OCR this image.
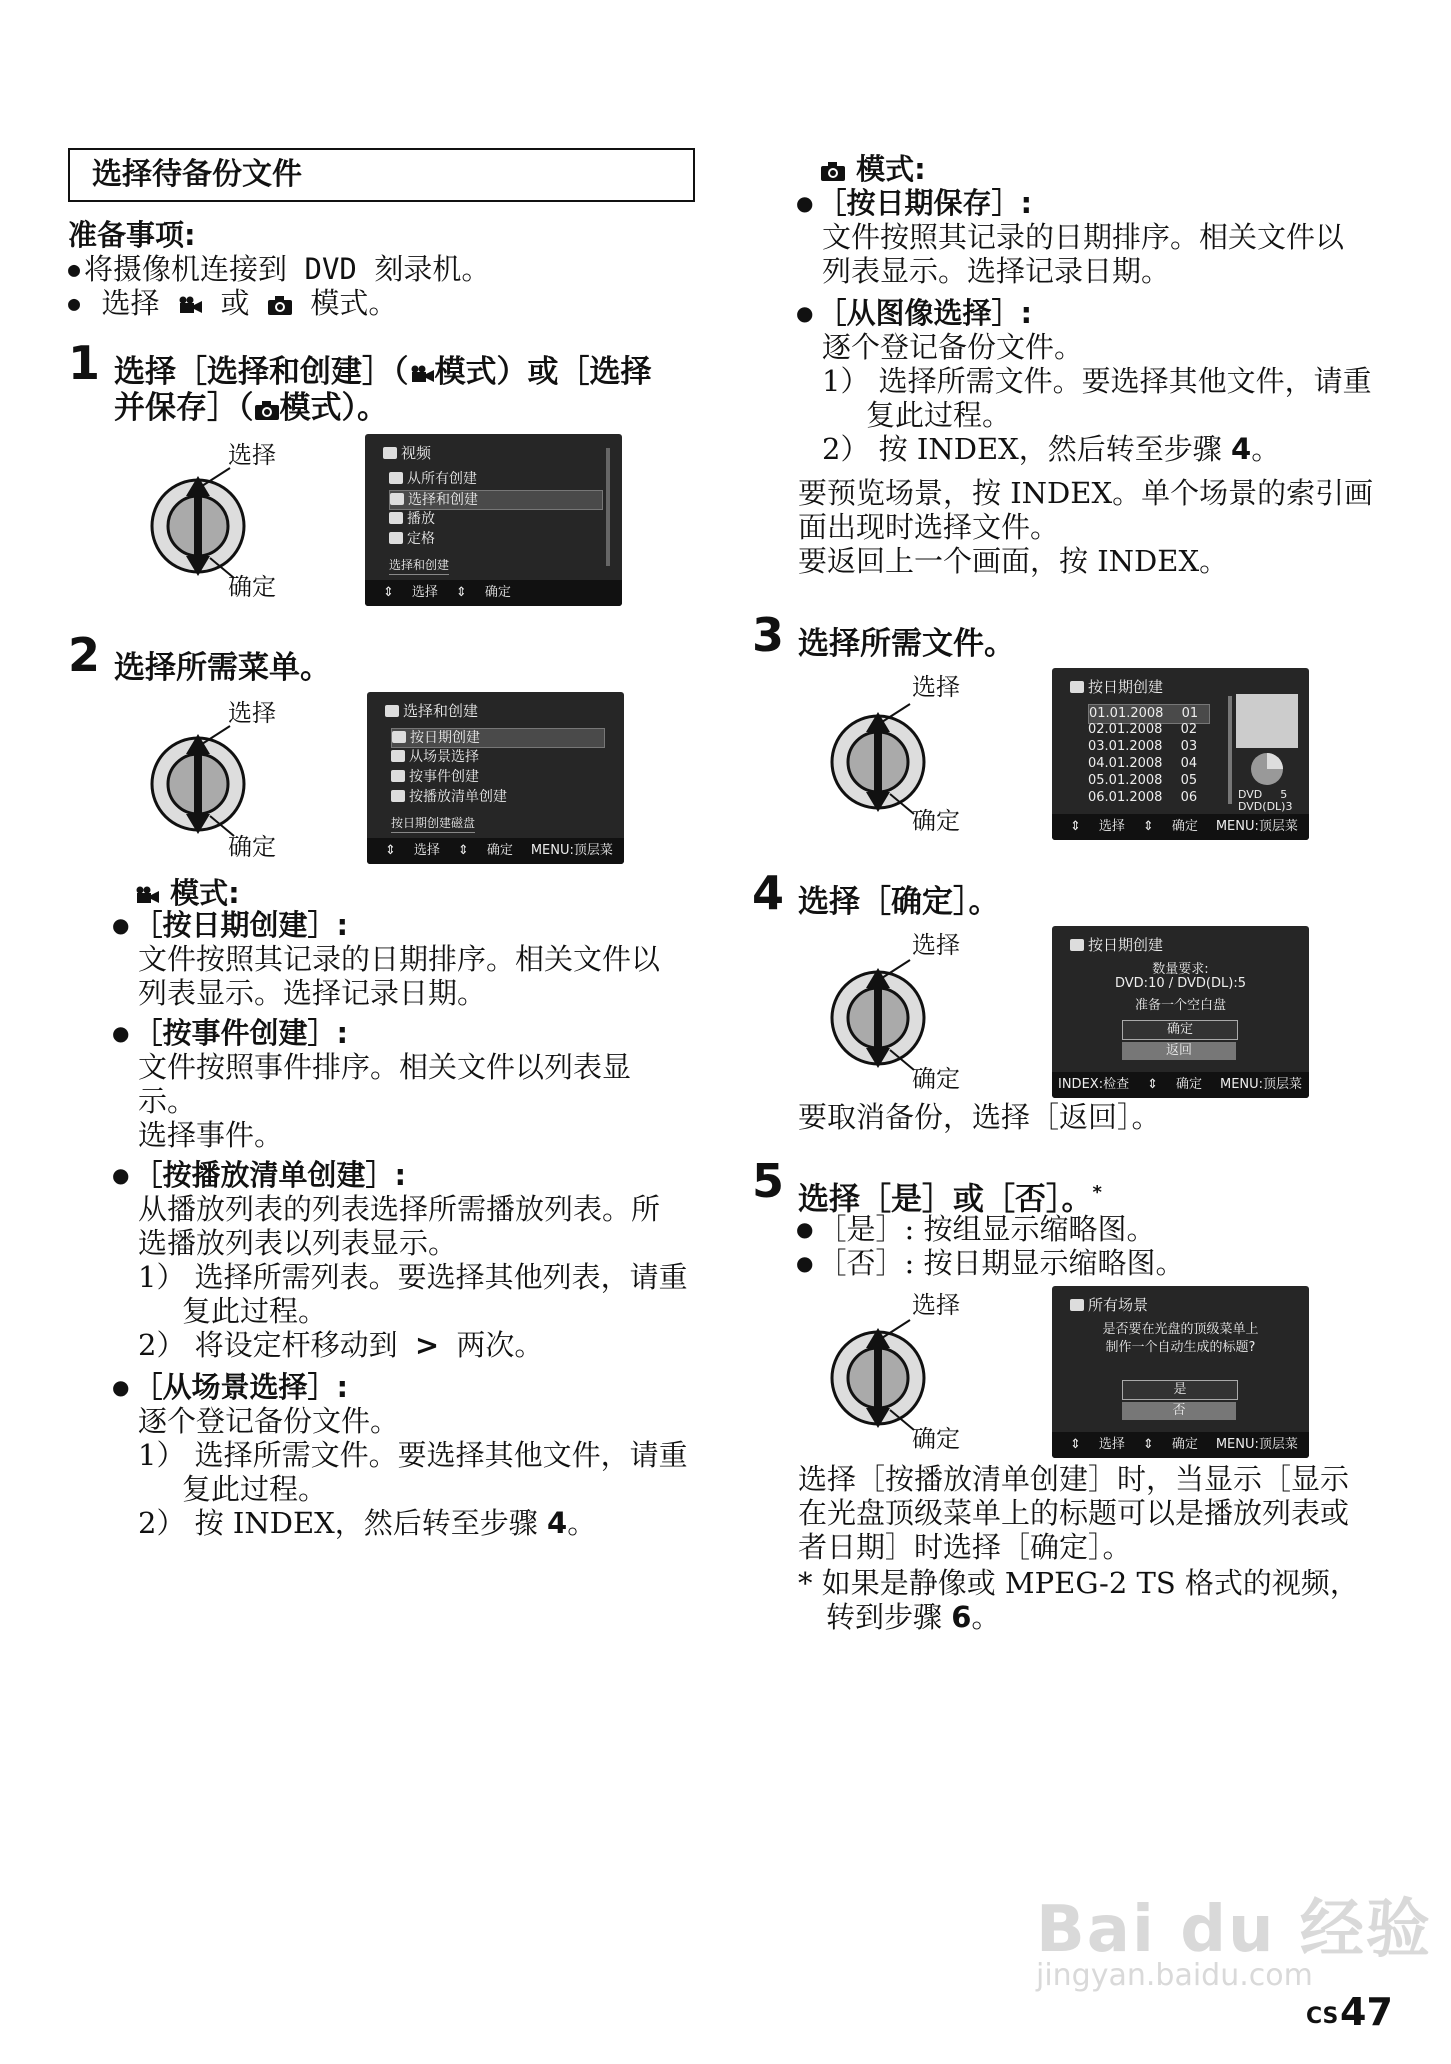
选择待备份文件
准备事项:
● 将摄像机连接到 DVD 刻录机。
● 选择 或 模式。
1 选择［选择和创建］（ 模式）或［选择
并保存］（ 模式）。
选择
确定
视频
从所有创建
选择和创建
播放
定格
选择和创建
⇕ 选择 ⇕ 确定
2 选择所需菜单。
选择
确定
选择和创建
按日期创建
从场景选择
按事件创建
按播放清单创建
按日期创建磁盘
⇕ 选择 ⇕ 确定 MENU:顶层菜
模式:
● ［按日期创建］:
文件按照其记录的日期排序。相关文件以
列表显示。选择记录日期。
● ［按事件创建］:
文件按照事件排序。相关文件以列表显
示。
选择事件。
● ［按播放清单创建］:
从播放列表的列表选择所需播放列表。所
选播放列表以列表显示。
1） 选择所需列表。要选择其他列表，请重
复此过程。
2） 将设定杆移动到 > 两次。
● ［从场景选择］:
逐个登记备份文件。
1） 选择所需文件。要选择其他文件，请重
复此过程。
2） 按 INDEX，然后转至步骤 4。
模式:
● ［按日期保存］:
文件按照其记录的日期排序。相关文件以
列表显示。选择记录日期。
● ［从图像选择］:
逐个登记备份文件。
1） 选择所需文件。要选择其他文件，请重
复此过程。
2） 按 INDEX，然后转至步骤 4。
要预览场景，按 INDEX。单个场景的索引画
面出现时选择文件。
要返回上一个画面，按 INDEX。
3 选择所需文件。
选择
确定
按日期创建
01.01.2008 01
02.01.2008 02
03.01.2008 03
04.01.2008 04
05.01.2008 05
06.01.2008 06	DVD 5
DVD(DL)3
⇕ 选择 ⇕ 确定 MENU:顶层菜
4 选择［确定］。
选择
确定
按日期创建
数量要求:
DVD:10 / DVD(DL):5
准备一个空白盘
确定
返回
INDEX:检查 ⇕ 确定 MENU:顶层菜
要取消备份，选择［返回］。
5 选择［是］或［否］。*
● ［是］: 按组显示缩略图。
● ［否］: 按日期显示缩略图。
选择
确定
所有场景
是否要在光盘的顶级菜单上
制作一个自动生成的标题?
是
否
⇕ 选择 ⇕ 确定 MENU:顶层菜
选择［按播放清单创建］时，当显示［显示
在光盘顶级菜单上的标题可以是播放列表或
者日期］时选择［确定］。
* 如果是静像或 MPEG-2 TS 格式的视频，
转到步骤 6。
Bai du 经验
jingyan.baidu.com
CS 47
